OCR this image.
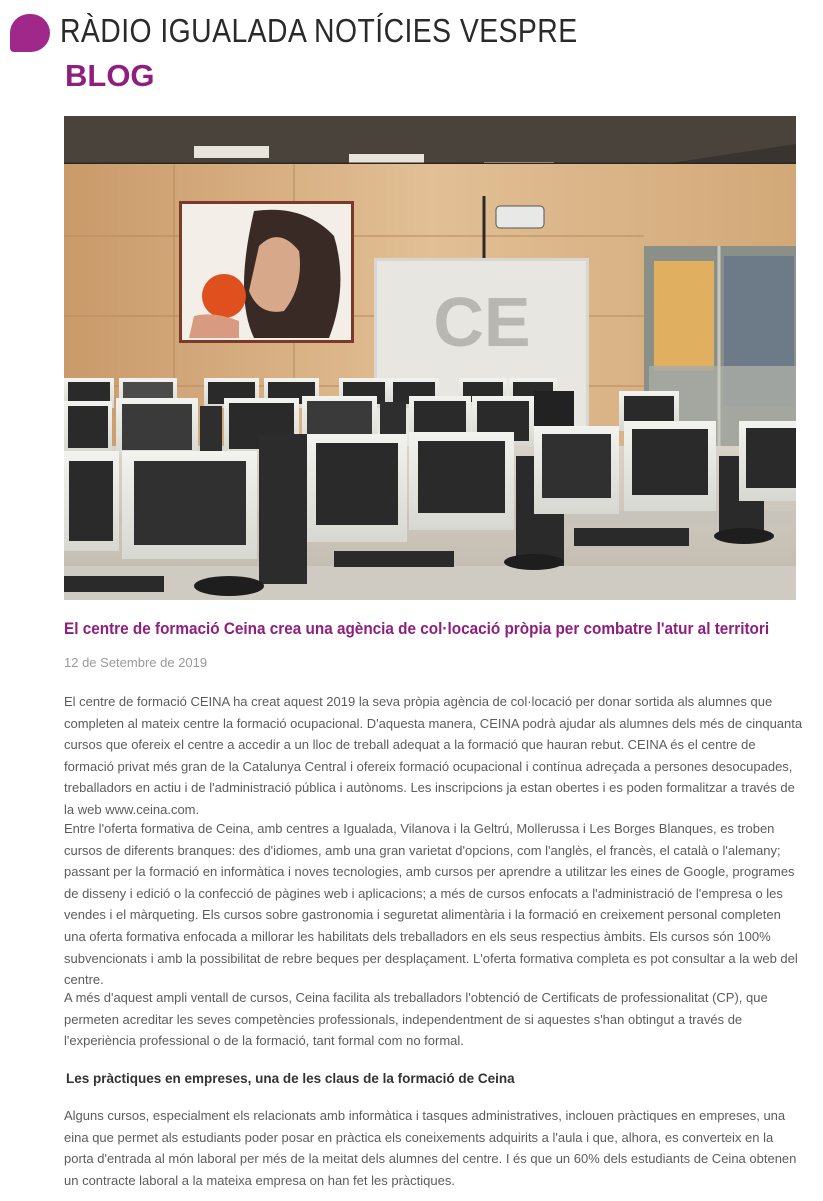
RÀDIO IGUALADA NOTÍCIES VESPRE
BLOG
CE
El centre de formació Ceina crea una agència de col·locació pròpia per combatre l'atur al territori
12 de Setembre de 2019

El centre de formació CEINA ha creat aquest 2019 la seva pròpia agència de col·locació per donar sortida als alumnes que completen al mateix centre la formació ocupacional. D'aquesta manera, CEINA podrà ajudar als alumnes dels més de cinquanta cursos que ofereix el centre a accedir a un lloc de treball adequat a la formació que hauran rebut. CEINA és el centre de formació privat més gran de la Catalunya Central i ofereix formació ocupacional i contínua adreçada a persones desocupades, treballadors en actiu i de l'administració pública i autònoms. Les inscripcions ja estan obertes i es poden formalitzar a través de la web www.ceina.com.

Entre l'oferta formativa de Ceina, amb centres a Igualada, Vilanova i la Geltrú, Mollerussa i Les Borges Blanques, es troben cursos de diferents branques: des d'idiomes, amb una gran varietat d'opcions, com l'anglès, el francès, el català o l'alemany; passant per la formació en informàtica i noves tecnologies, amb cursos per aprendre a utilitzar les eines de Google, programes de disseny i edició o la confecció de pàgines web i aplicacions; a més de cursos enfocats a l'administració de l'empresa o les vendes i el màrqueting. Els cursos sobre gastronomia i seguretat alimentària i la formació en creixement personal completen una oferta formativa enfocada a millorar les habilitats dels treballadors en els seus respectius àmbits. Els cursos són 100% subvencionats i amb la possibilitat de rebre beques per desplaçament. L'oferta formativa completa es pot consultar a la web del centre.

A més d'aquest ampli ventall de cursos, Ceina facilita als treballadors l'obtenció de Certificats de professionalitat (CP), que permeten acreditar les seves competències professionals, independentment de si aquestes s'han obtingut a través de l'experiència professional o de la formació, tant formal com no formal.

Les pràctiques en empreses, una de les claus de la formació de Ceina

Alguns cursos, especialment els relacionats amb informàtica i tasques administratives, inclouen pràctiques en empreses, una eina que permet als estudiants poder posar en pràctica els coneixements adquirits a l'aula i que, alhora, es converteix en la porta d'entrada al món laboral per més de la meitat dels alumnes del centre. I és que un 60% dels estudiants de Ceina obtenen un contracte laboral a la mateixa empresa on han fet les pràctiques.
